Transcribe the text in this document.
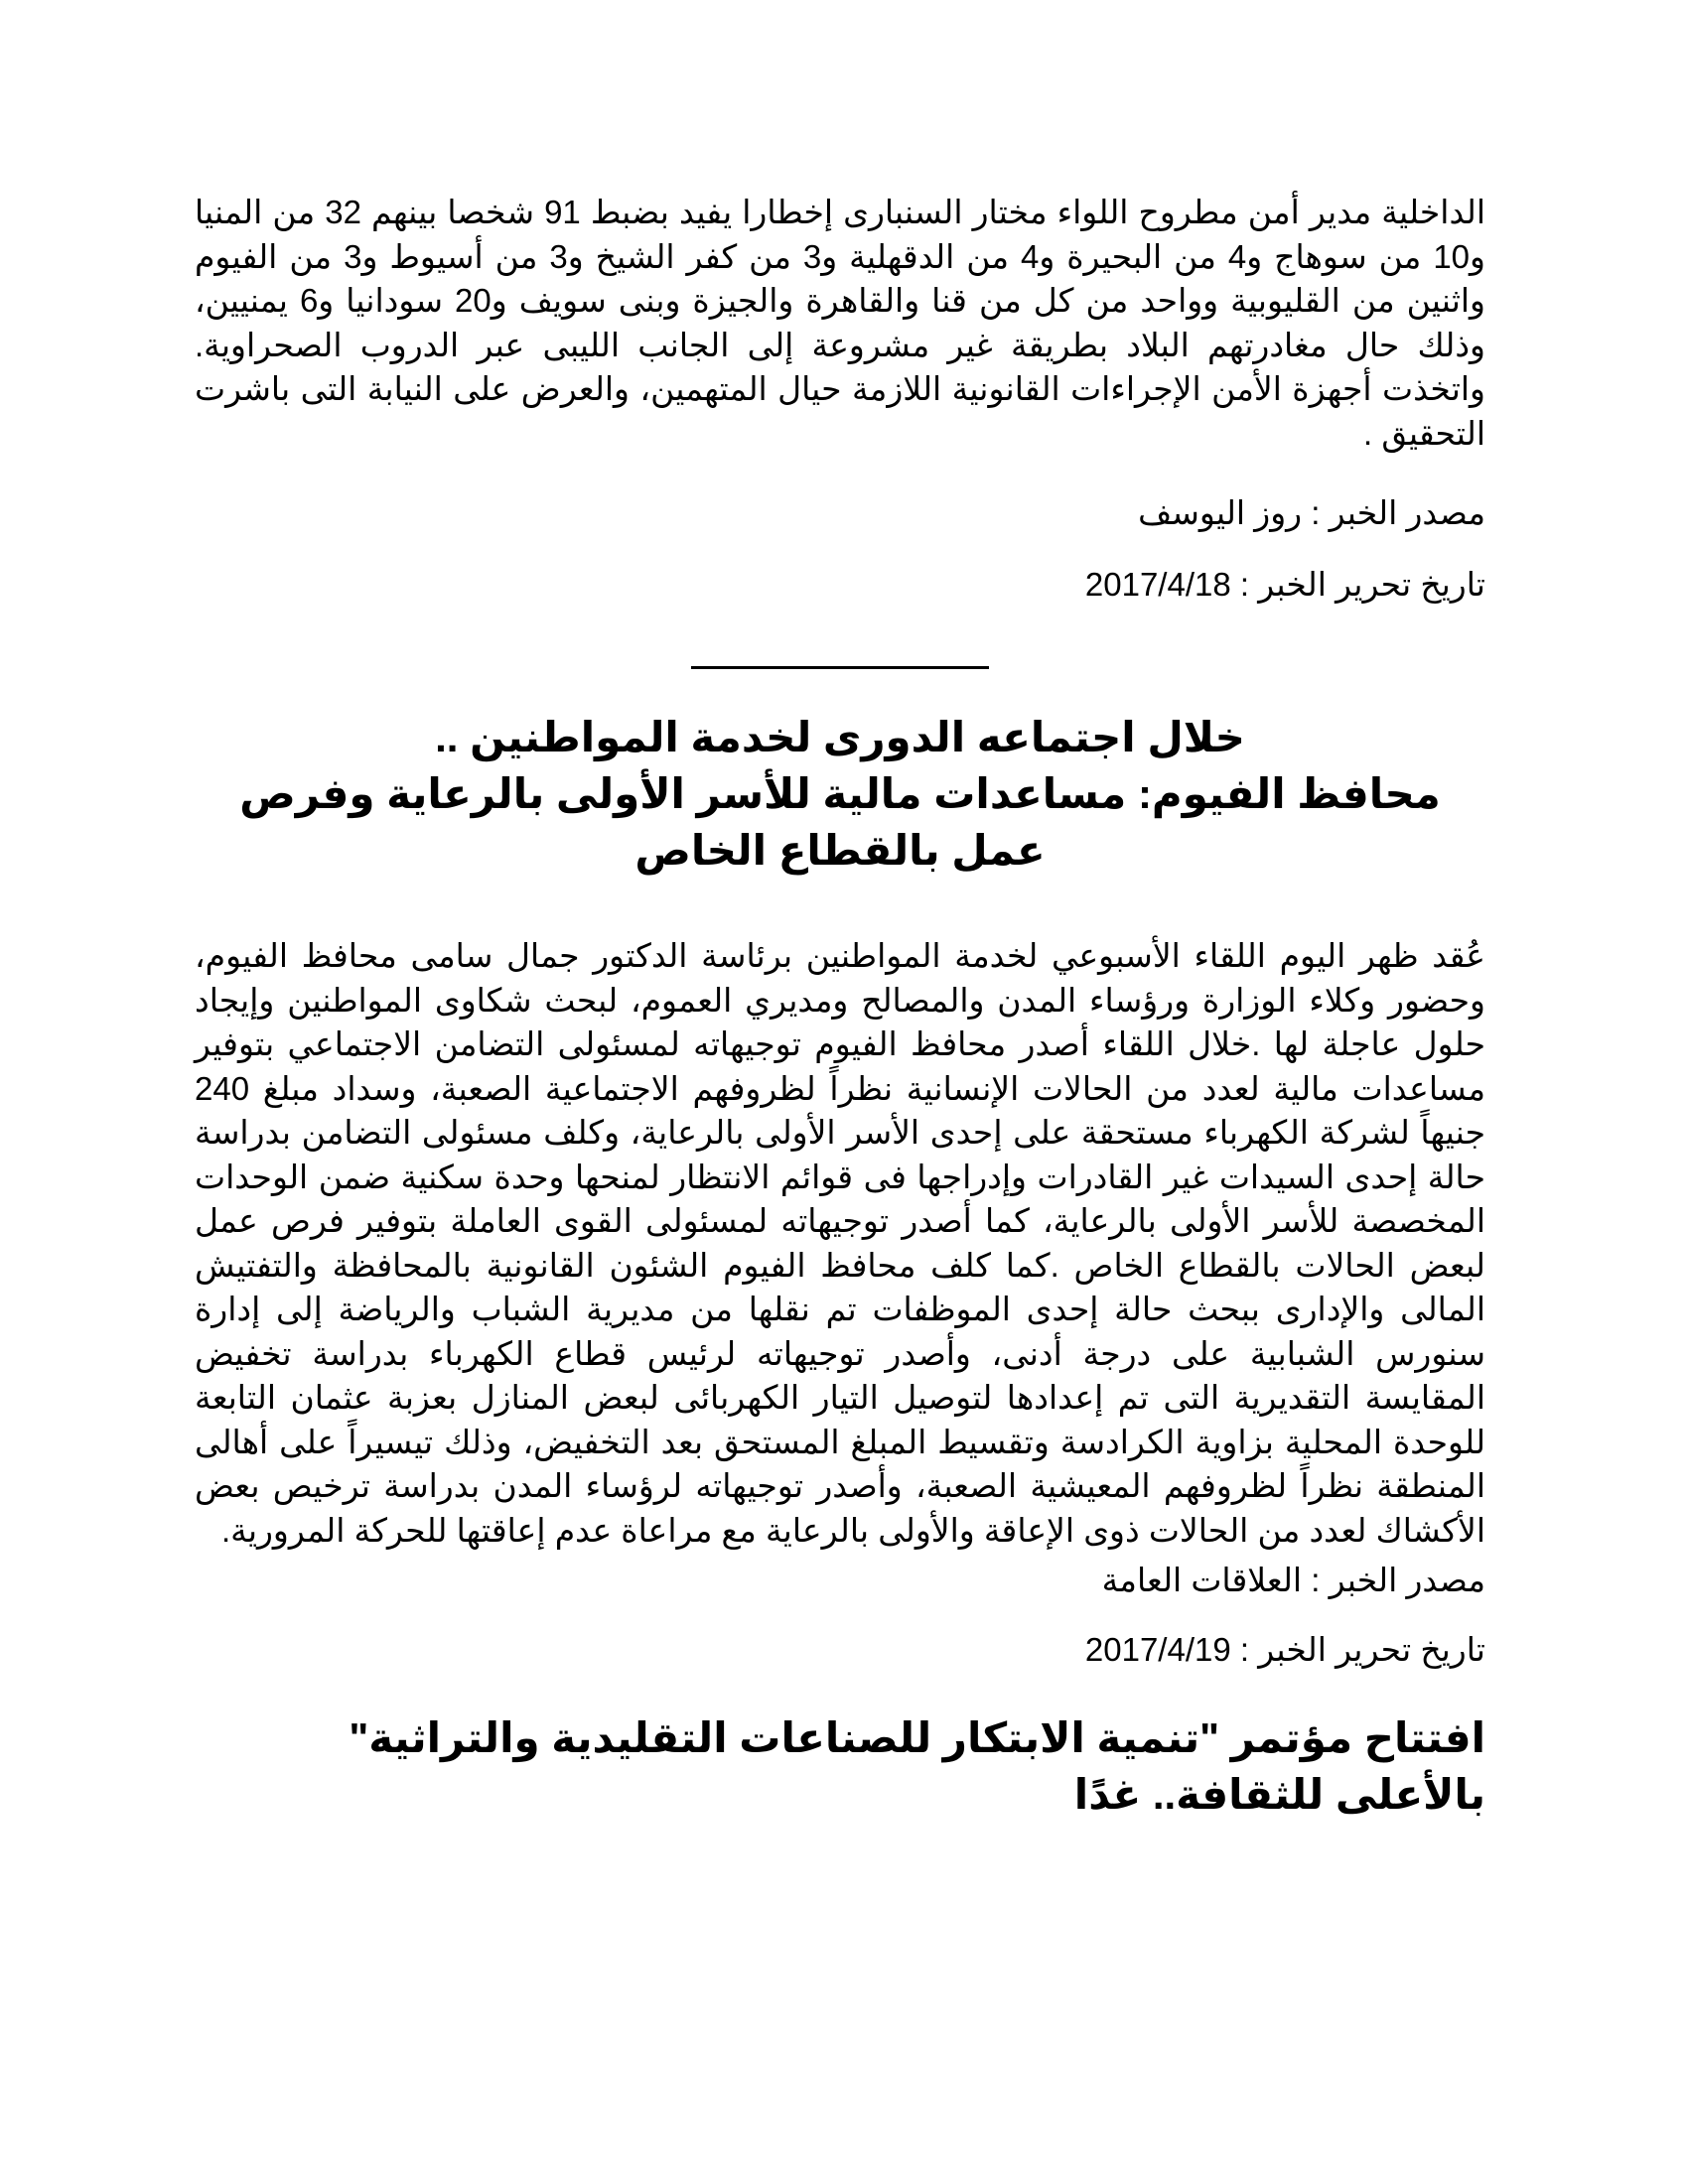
الداخلية مدير أمن مطروح اللواء مختار السنبارى إخطارا يفيد بضبط 91 شخصا بينهم 32 من المنيا و10 من سوهاج و4 من البحيرة و4 من الدقهلية و3 من كفر الشيخ و3 من أسيوط و3 من الفيوم واثنين من القليوبية وواحد من كل من قنا والقاهرة والجيزة وبنى سويف و20 سودانيا و6 يمنيين، وذلك حال مغادرتهم البلاد بطريقة غير مشروعة إلى الجانب الليبى عبر الدروب الصحراوية. واتخذت أجهزة الأمن الإجراءات القانونية اللازمة حيال المتهمين، والعرض على النيابة التى باشرت التحقيق .

مصدر الخبر : روز اليوسف

تاريخ تحرير الخبر : 2017/4/18

خلال اجتماعه الدورى لخدمة المواطنين ..

محافظ الفيوم: مساعدات مالية للأسر الأولى بالرعاية وفرص عمل بالقطاع الخاص

عُقد ظهر اليوم اللقاء الأسبوعي لخدمة المواطنين برئاسة الدكتور جمال سامى محافظ الفيوم، وحضور وكلاء الوزارة ورؤساء المدن والمصالح ومديري العموم، لبحث شكاوى المواطنين وإيجاد حلول عاجلة لها .خلال اللقاء أصدر محافظ الفيوم توجيهاته لمسئولى التضامن الاجتماعي بتوفير مساعدات مالية لعدد من الحالات الإنسانية نظراً لظروفهم الاجتماعية الصعبة، وسداد مبلغ 240 جنيهاً لشركة الكهرباء مستحقة على إحدى الأسر الأولى بالرعاية، وكلف مسئولى التضامن بدراسة حالة إحدى السيدات غير القادرات وإدراجها فى قوائم الانتظار لمنحها وحدة سكنية ضمن الوحدات المخصصة للأسر الأولى بالرعاية، كما أصدر توجيهاته لمسئولى القوى العاملة بتوفير فرص عمل لبعض الحالات بالقطاع الخاص .كما كلف محافظ الفيوم الشئون القانونية بالمحافظة والتفتيش المالى والإدارى ببحث حالة إحدى الموظفات تم نقلها من مديرية الشباب والرياضة إلى إدارة سنورس الشبابية على درجة أدنى، وأصدر توجيهاته لرئيس قطاع الكهرباء بدراسة تخفيض المقايسة التقديرية التى تم إعدادها لتوصيل التيار الكهربائى لبعض المنازل بعزبة عثمان التابعة للوحدة المحلية بزاوية الكرادسة وتقسيط المبلغ المستحق بعد التخفيض، وذلك تيسيراً على أهالى المنطقة نظراً لظروفهم المعيشية الصعبة، وأصدر توجيهاته لرؤساء المدن بدراسة ترخيص بعض الأكشاك لعدد من الحالات ذوى الإعاقة والأولى بالرعاية مع مراعاة عدم إعاقتها للحركة المرورية.

مصدر الخبر : العلاقات العامة

تاريخ تحرير الخبر : 2017/4/19

افتتاح مؤتمر "تنمية الابتكار للصناعات التقليدية والتراثية" بالأعلى للثقافة.. غدًا
